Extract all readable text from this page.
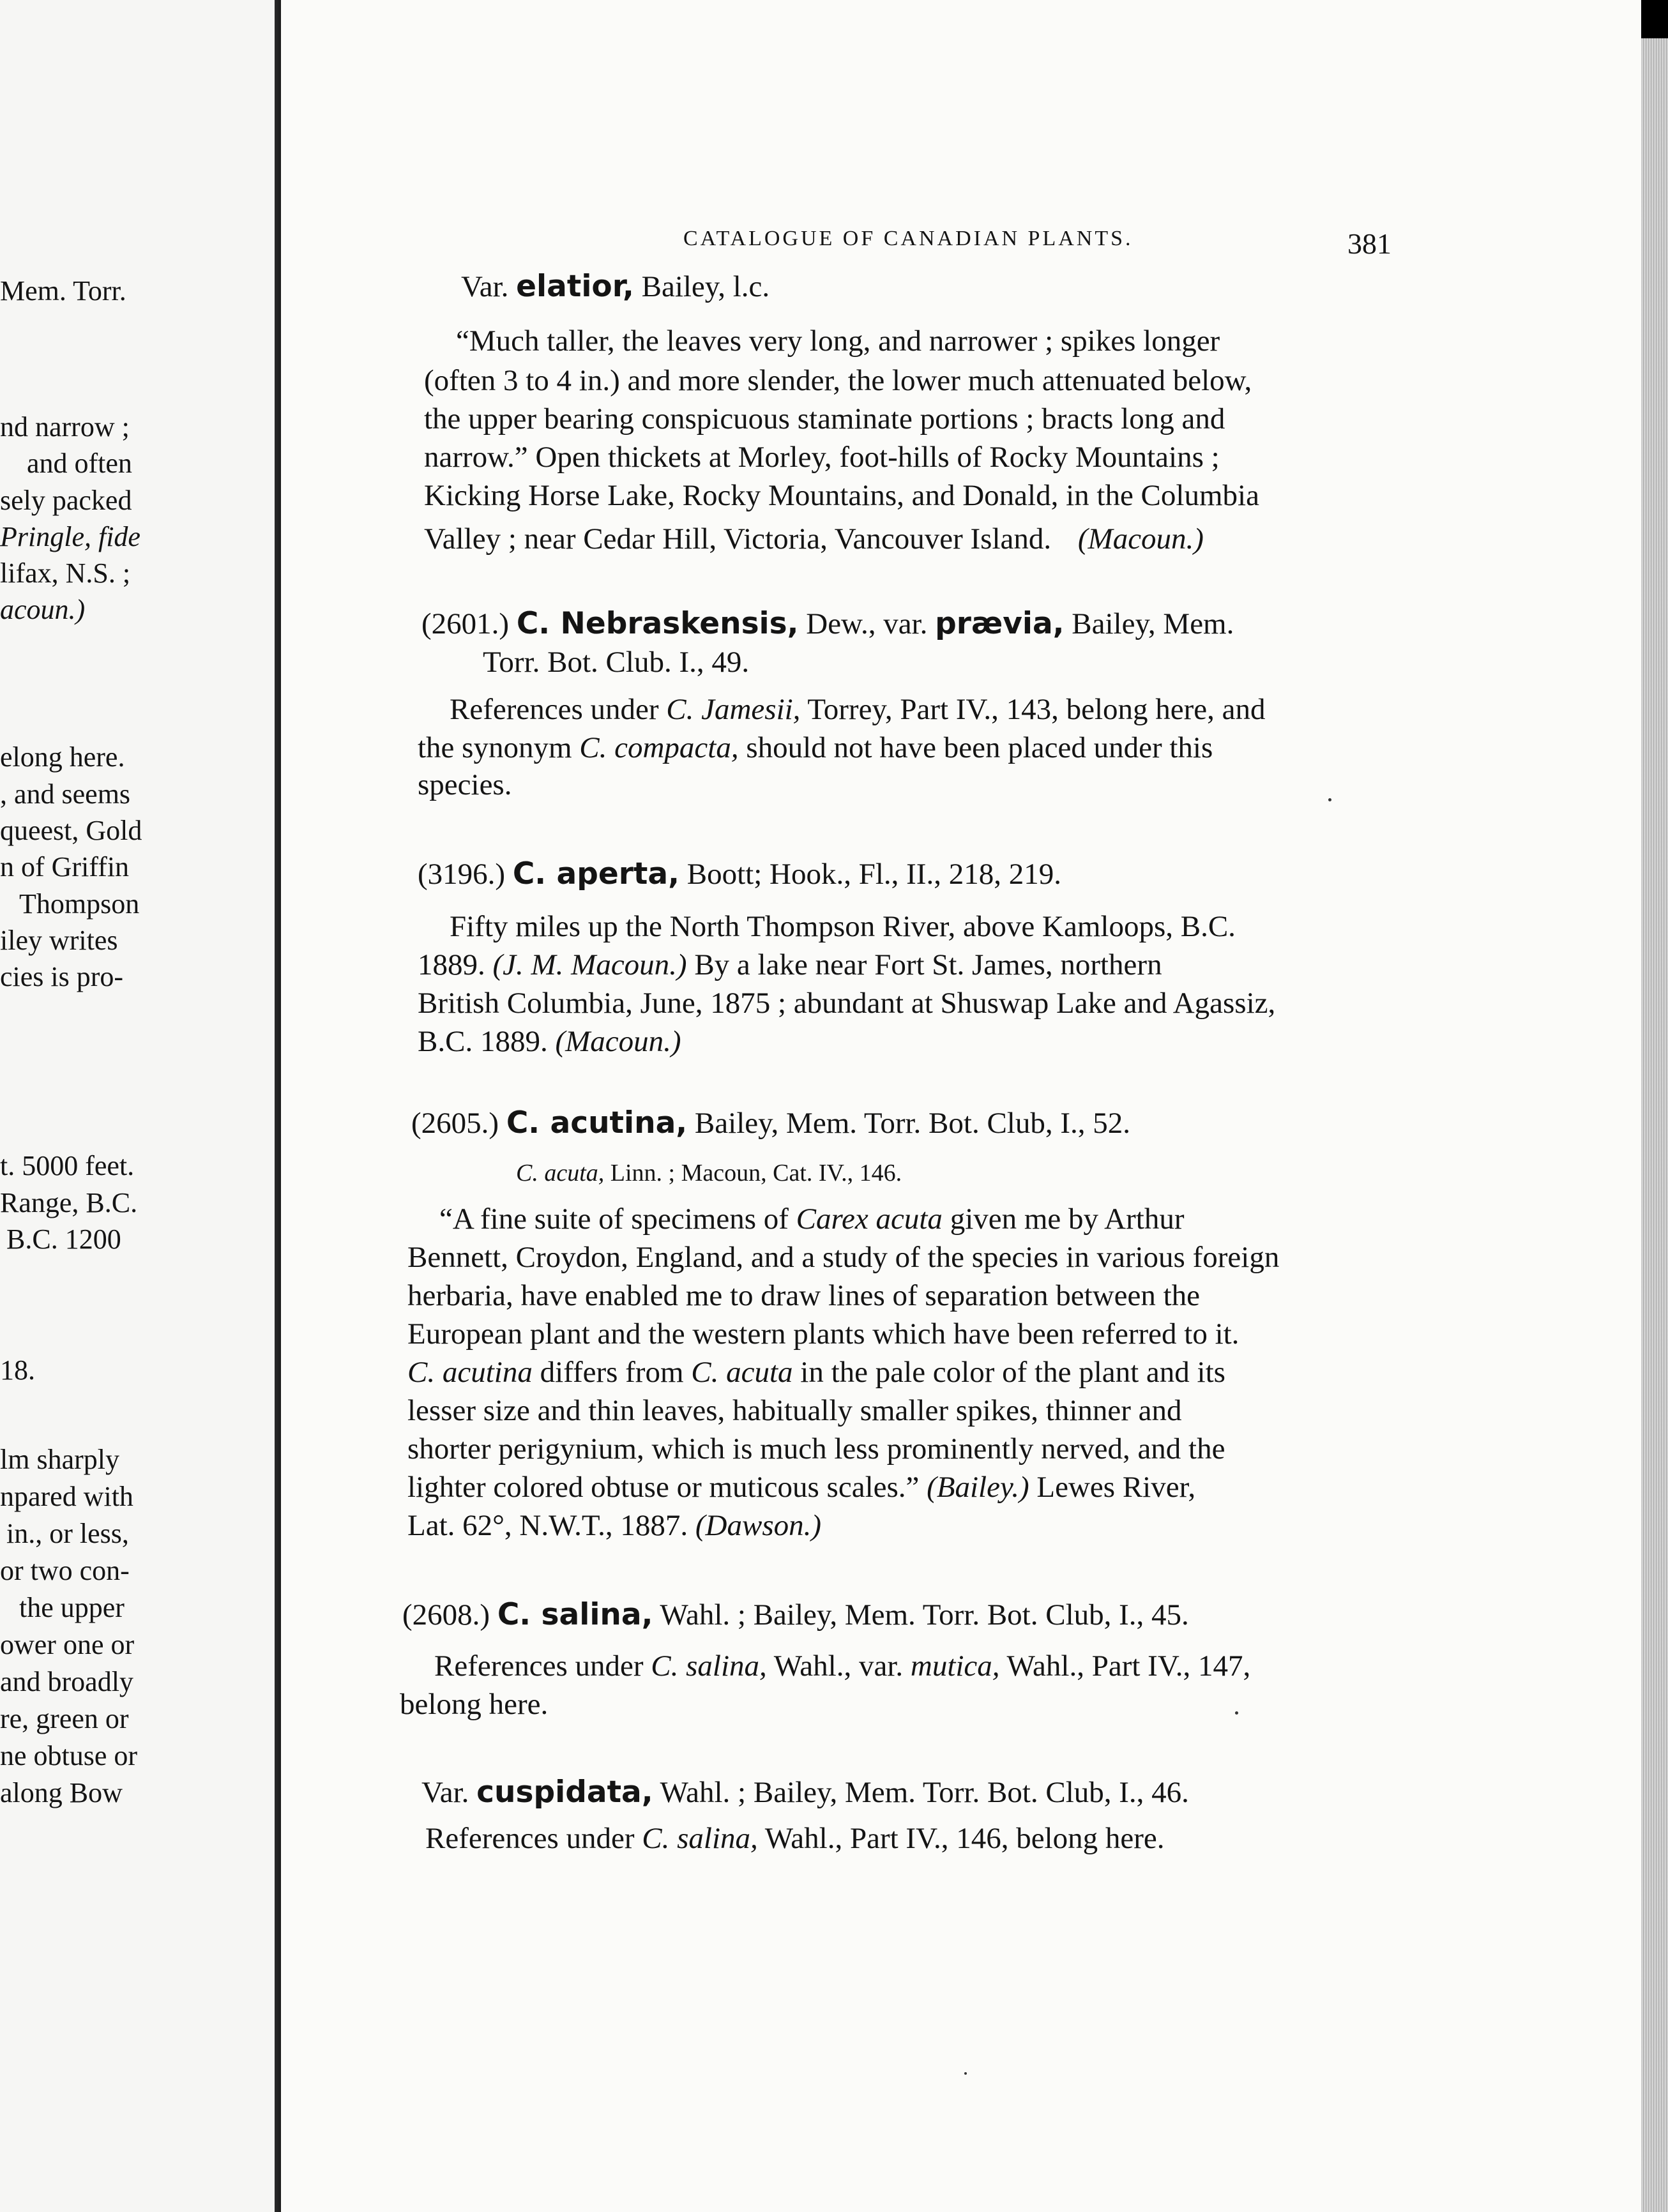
Mem. Torr.
nd narrow ;
and often
sely packed
Pringle, fide
lifax, N.S. ;
acoun.)
elong here.
, and seems
queest, Gold
n of Griffin
Thompson
iley writes
cies is pro-
t. 5000 feet.
Range, B.C.
B.C. 1200
18.
lm sharply
npared with
in., or less,
or two con-
the upper
ower one or
and broadly
re, green or
ne obtuse or
along Bow
CATALOGUE OF CANADIAN PLANTS.	381
Var. elatior, Bailey, l.c.
“Much taller, the leaves very long, and narrower ; spikes longer
(often 3 to 4 in.) and more slender, the lower much attenuated below,
the upper bearing conspicuous staminate portions ; bracts long and
narrow.” Open thickets at Morley, foot-hills of Rocky Mountains ;
Kicking Horse Lake, Rocky Mountains, and Donald, in the Columbia
Valley ; near Cedar Hill, Victoria, Vancouver Island. (Macoun.)
(2601.) C. Nebraskensis, Dew., var. prævia, Bailey, Mem.
Torr. Bot. Club. I., 49.
References under C. Jamesii, Torrey, Part IV., 143, belong here, and
the synonym C. compacta, should not have been placed under this
species.
(3196.) C. aperta, Boott; Hook., Fl., II., 218, 219.
Fifty miles up the North Thompson River, above Kamloops, B.C.
1889. (J. M. Macoun.) By a lake near Fort St. James, northern
British Columbia, June, 1875 ; abundant at Shuswap Lake and Agassiz,
B.C. 1889. (Macoun.)
(2605.) C. acutina, Bailey, Mem. Torr. Bot. Club, I., 52.
C. acuta, Linn. ; Macoun, Cat. IV., 146.
“A fine suite of specimens of Carex acuta given me by Arthur
Bennett, Croydon, England, and a study of the species in various foreign
herbaria, have enabled me to draw lines of separation between the
European plant and the western plants which have been referred to it.
C. acutina differs from C. acuta in the pale color of the plant and its
lesser size and thin leaves, habitually smaller spikes, thinner and
shorter perigynium, which is much less prominently nerved, and the
lighter colored obtuse or muticous scales.” (Bailey.) Lewes River,
Lat. 62°, N.W.T., 1887. (Dawson.)
(2608.) C. salina, Wahl. ; Bailey, Mem. Torr. Bot. Club, I., 45.
References under C. salina, Wahl., var. mutica, Wahl., Part IV., 147,
belong here.
Var. cuspidata, Wahl. ; Bailey, Mem. Torr. Bot. Club, I., 46.
References under C. salina, Wahl., Part IV., 146, belong here.
